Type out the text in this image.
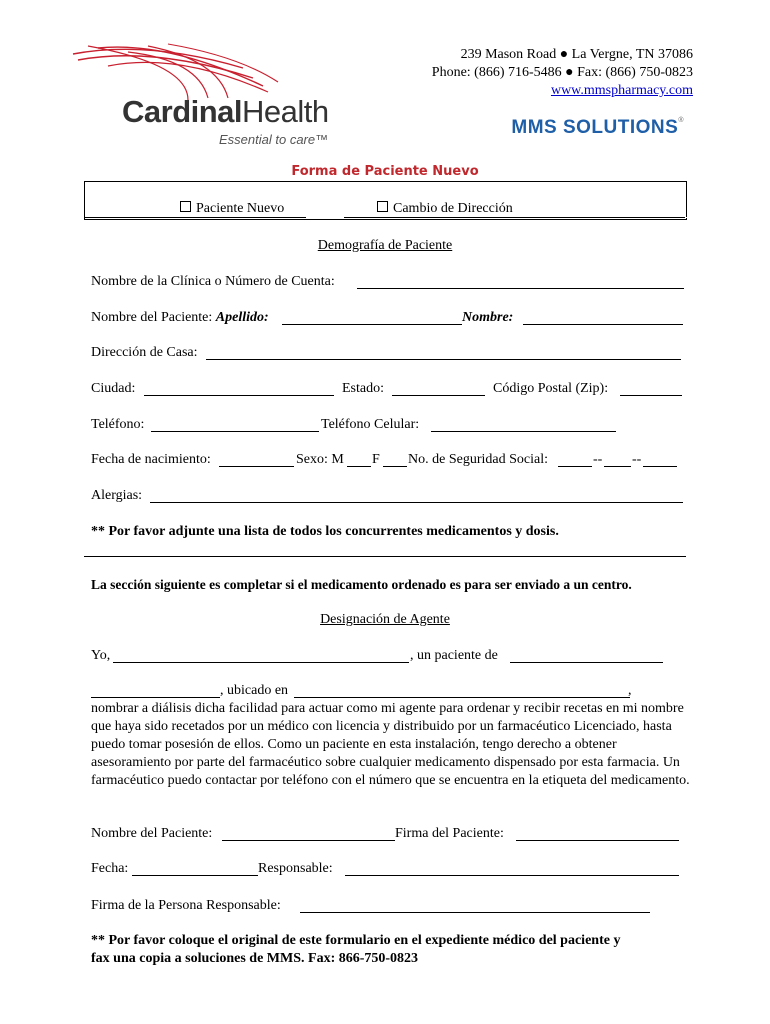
CardinalHealth
Essential to care™
239 Mason Road ● La Vergne, TN 37086
Phone: (866) 716-5486 ● Fax: (866) 750-0823
www.mmspharmacy.com
MMS SOLUTIONS®
Forma de Paciente Nuevo
Paciente Nuevo	Cambio de Dirección
Demografía de Paciente
Nombre de la Clínica o Número de Cuenta:
Nombre del Paciente: Apellido:	Nombre:
Dirección de Casa:
Ciudad:	Estado:	Código Postal (Zip):
Teléfono:	Teléfono Celular:
Fecha de nacimiento:	Sexo: M F No. de Seguridad Social:	-- --
Alergias:
** Por favor adjunte una lista de todos los concurrentes medicamentos y dosis.
La sección siguiente es completar si el medicamento ordenado es para ser enviado a un centro.
Designación de Agente
Yo,	, un paciente de
, ubicado en	,
nombrar a diálisis dicha facilidad para actuar como mi agente para ordenar y recibir recetas en mi nombre que haya sido recetados por un médico con licencia y distribuido por un farmacéutico Licenciado, hasta puedo tomar posesión de ellos. Como un paciente en esta instalación, tengo derecho a obtener asesoramiento por parte del farmacéutico sobre cualquier medicamento dispensado por esta farmacia. Un farmacéutico puedo contactar por teléfono con el número que se encuentra en la etiqueta del medicamento.
Nombre del Paciente:	Firma del Paciente:
Fecha:	Responsable:
Firma de la Persona Responsable:
** Por favor coloque el original de este formulario en el expediente médico del paciente y
fax una copia a soluciones de MMS. Fax: 866-750-0823
